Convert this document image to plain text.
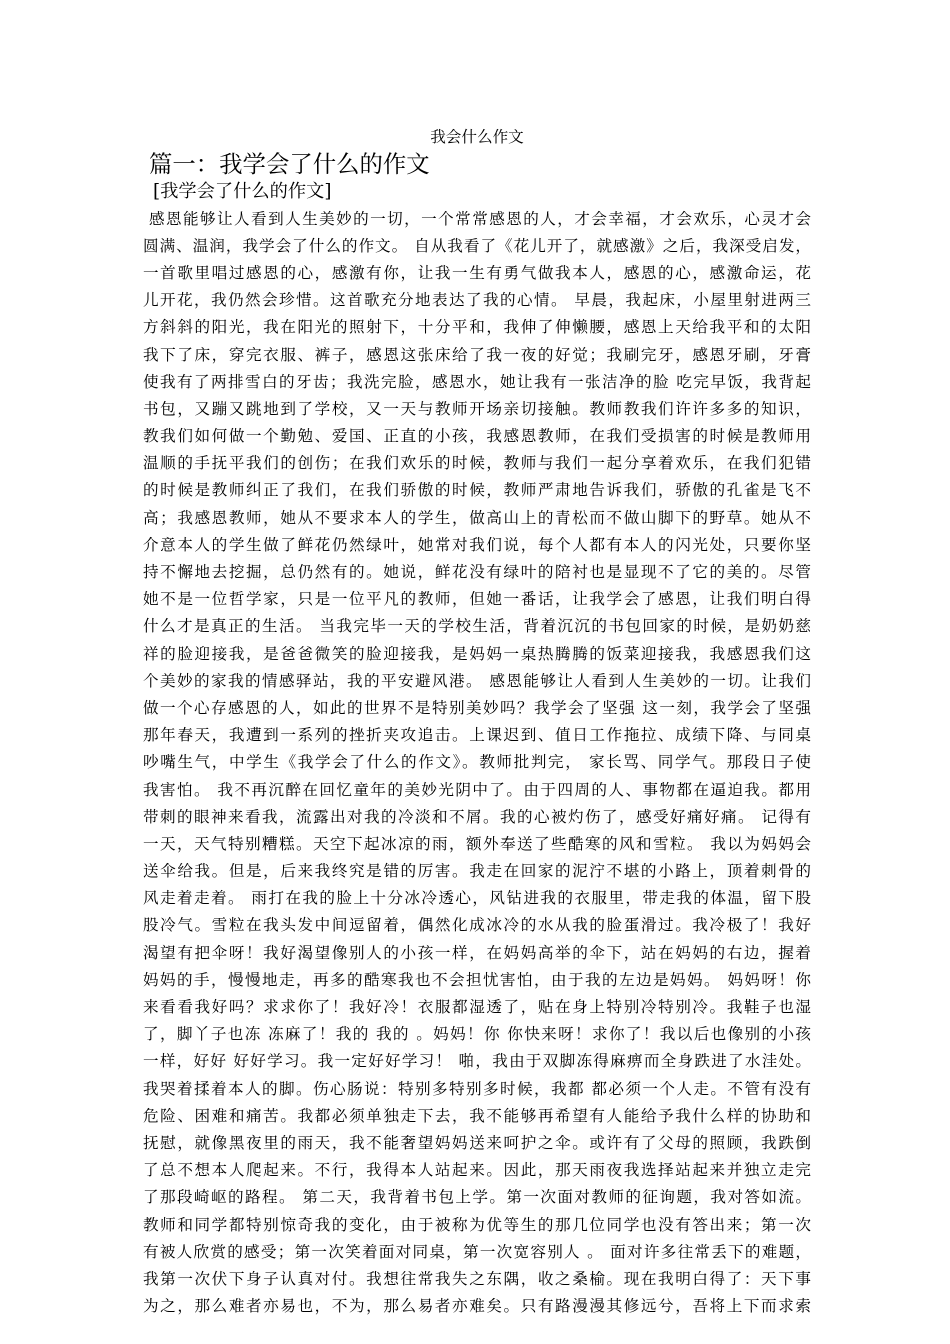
我会什么作文
篇一：我学会了什么的作文
[我学会了什么的作文]
感恩能够让人看到人生美妙的一切，一个常常感恩的人，才会幸福，才会欢乐，心灵才会
圆满、温润，我学会了什么的作文。 自从我看了《花儿开了，就感激》之后，我深受启发，
一首歌里唱过感恩的心，感激有你，让我一生有勇气做我本人，感恩的心，感激命运，花
儿开花，我仍然会珍惜。这首歌充分地表达了我的心情。 早晨，我起床，小屋里射进两三
方斜斜的阳光，我在阳光的照射下，十分平和，我伸了伸懒腰，感恩上天给我平和的太阳
我下了床，穿完衣服、裤子，感恩这张床给了我一夜的好觉；我刷完牙，感恩牙刷，牙膏
使我有了两排雪白的牙齿；我洗完脸，感恩水，她让我有一张洁净的脸 吃完早饭，我背起
书包，又蹦又跳地到了学校，又一天与教师开场亲切接触。教师教我们许许多多的知识，
教我们如何做一个勤勉、爱国、正直的小孩，我感恩教师，在我们受损害的时候是教师用
温顺的手抚平我们的创伤；在我们欢乐的时候，教师与我们一起分享着欢乐，在我们犯错
的时候是教师纠正了我们，在我们骄傲的时候，教师严肃地告诉我们，骄傲的孔雀是飞不
高；我感恩教师，她从不要求本人的学生，做高山上的青松而不做山脚下的野草。她从不
介意本人的学生做了鲜花仍然绿叶，她常对我们说，每个人都有本人的闪光处，只要你坚
持不懈地去挖掘，总仍然有的。她说，鲜花没有绿叶的陪衬也是显现不了它的美的。尽管
她不是一位哲学家，只是一位平凡的教师，但她一番话，让我学会了感恩，让我们明白得
什么才是真正的生活。 当我完毕一天的学校生活，背着沉沉的书包回家的时候，是奶奶慈
祥的脸迎接我，是爸爸微笑的脸迎接我，是妈妈一桌热腾腾的饭菜迎接我，我感恩我们这
个美妙的家我的情感驿站，我的平安避风港。 感恩能够让人看到人生美妙的一切。让我们
做一个心存感恩的人，如此的世界不是特别美妙吗？我学会了坚强 这一刻，我学会了坚强
那年春天，我遭到一系列的挫折夹攻追击。上课迟到、值日工作拖拉、成绩下降、与同桌
吵嘴生气，中学生《我学会了什么的作文》。教师批判完， 家长骂、同学气。那段日子使
我害怕。 我不再沉醉在回忆童年的美妙光阴中了。由于四周的人、事物都在逼迫我。都用
带刺的眼神来看我，流露出对我的冷淡和不屑。我的心被灼伤了，感受好痛好痛。 记得有
一天，天气特别糟糕。天空下起冰凉的雨，额外奉送了些酷寒的风和雪粒。 我以为妈妈会
送伞给我。但是，后来我终究是错的厉害。我走在回家的泥泞不堪的小路上，顶着刺骨的
风走着走着。 雨打在我的脸上十分冰冷透心，风钻进我的衣服里，带走我的体温，留下股
股冷气。雪粒在我头发中间逗留着，偶然化成冰冷的水从我的脸蛋滑过。我冷极了！我好
渴望有把伞呀！我好渴望像别人的小孩一样，在妈妈高举的伞下，站在妈妈的右边，握着
妈妈的手，慢慢地走，再多的酷寒我也不会担忧害怕，由于我的左边是妈妈。 妈妈呀！你
来看看我好吗？求求你了！我好冷！衣服都湿透了，贴在身上特别冷特别冷。我鞋子也湿
了，脚丫子也冻 冻麻了！我的 我的 。妈妈！你 你快来呀！求你了！我以后也像别的小孩
一样，好好 好好学习。我一定好好学习！ 啪，我由于双脚冻得麻痹而全身跌进了水洼处。
我哭着揉着本人的脚。伤心肠说：特别多特别多时候，我都 都必须一个人走。不管有没有
危险、困难和痛苦。我都必须单独走下去，我不能够再希望有人能给予我什么样的协助和
抚慰，就像黑夜里的雨天，我不能奢望妈妈送来呵护之伞。或许有了父母的照顾，我跌倒
了总不想本人爬起来。不行，我得本人站起来。因此，那天雨夜我选择站起来并独立走完
了那段崎岖的路程。 第二天，我背着书包上学。第一次面对教师的征询题，我对答如流。
教师和同学都特别惊奇我的变化，由于被称为优等生的那几位同学也没有答出来；第一次
有被人欣赏的感受；第一次笑着面对同桌，第一次宽容别人 。 面对许多往常丢下的难题，
我第一次伏下身子认真对付。我想往常我失之东隅，收之桑榆。现在我明白得了：天下事
为之，那么难者亦易也，不为，那么易者亦难矣。只有路漫漫其修远兮，吾将上下而求索
